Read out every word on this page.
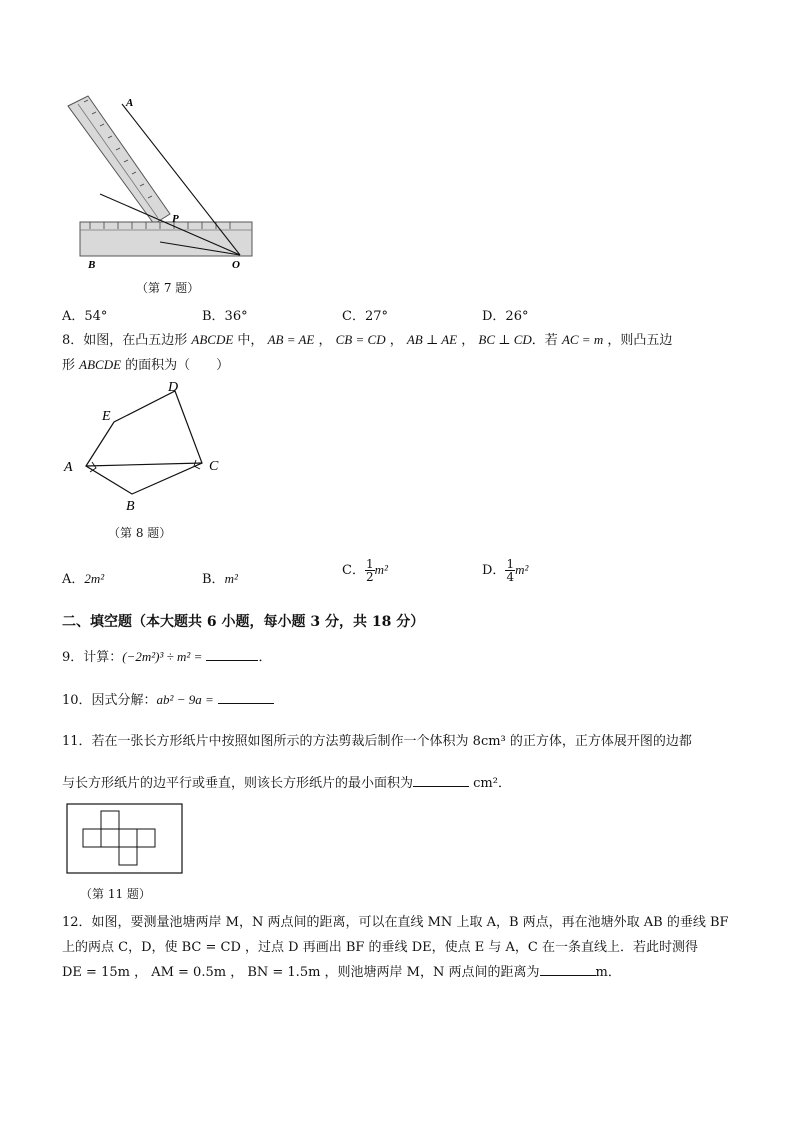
A
P
B	O
（第 7 题）
A．54°	B．36°	C．27°	D．26°
8．如图，在凸五边形 ABCDE 中， AB = AE ， CB = CD ， AB ⊥ AE ， BC ⊥ CD．若 AC = m ，则凸五边
形 ABCDE 的面积为（　　）
A
B
C
D
E
（第 8 题）
A．2m²	B．m²
C． $\frac{1}{2} m^2$	D． $\frac{1}{4} m^2$
二、填空题（本大题共 6 小题，每小题 3 分，共 18 分）
9．计算：(−2m²)³ ÷ m² =	．
10．因式分解：ab² − 9a =
11．若在一张长方形纸片中按照如图所示的方法剪裁后制作一个体积为 8cm³ 的正方体，正方体展开图的边都
与长方形纸片的边平行或垂直，则该长方形纸片的最小面积为	cm²．
（第 11 题）
12．如图，要测量池塘两岸 M，N 两点间的距离，可以在直线 MN 上取 A，B 两点，再在池塘外取 AB 的垂线 BF
上的两点 C，D，使 BC = CD ，过点 D 再画出 BF 的垂线 DE，使点 E 与 A，C 在一条直线上．若此时测得
DE = 15m ， AM = 0.5m ， BN = 1.5m ，则池塘两岸 M，N 两点间的距离为	m．
